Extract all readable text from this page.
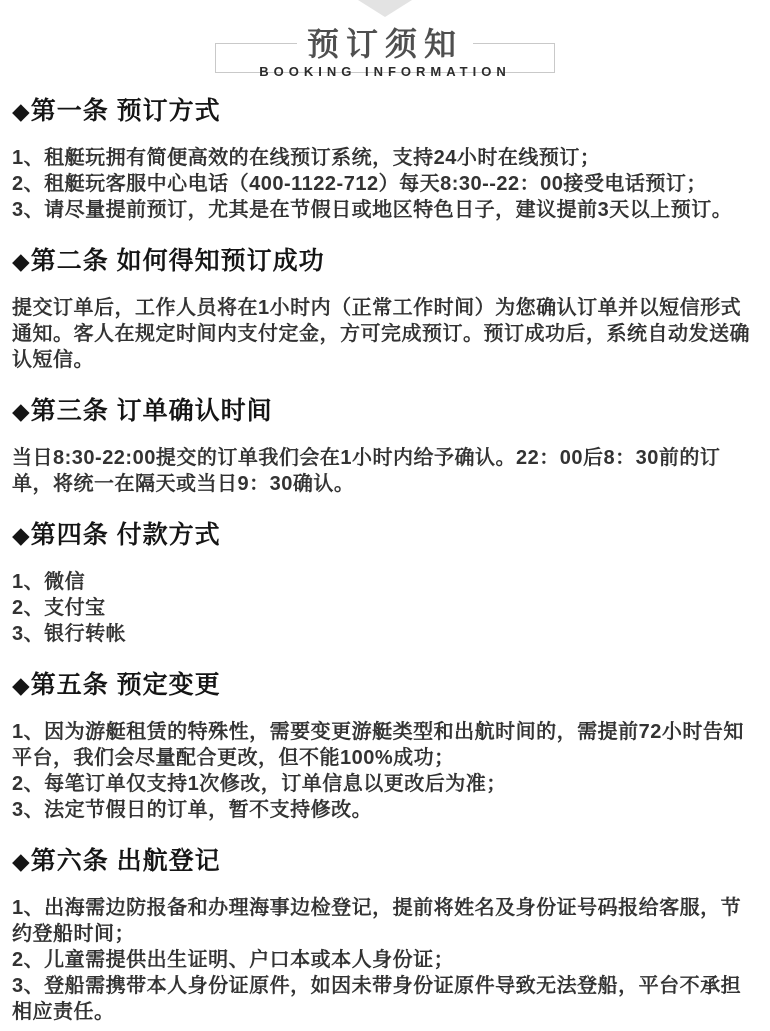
预订须知
BOOKING INFORMATION
◆第一条 预订方式
1、租艇玩拥有简便高效的在线预订系统，支持24小时在线预订；
2、租艇玩客服中心电话（400-1122-712）每天8:30--22：00接受电话预订；
3、请尽量提前预订，尤其是在节假日或地区特色日子，建议提前3天以上预订。
◆第二条 如何得知预订成功
提交订单后，工作人员将在1小时内（正常工作时间）为您确认订单并以短信形式通知。客人在规定时间内支付定金，方可完成预订。预订成功后，系统自动发送确认短信。
◆第三条 订单确认时间
当日8:30-22:00提交的订单我们会在1小时内给予确认。22：00后8：30前的订单，将统一在隔天或当日9：30确认。
◆第四条 付款方式
1、微信
2、支付宝
3、银行转帐
◆第五条 预定变更
1、因为游艇租赁的特殊性，需要变更游艇类型和出航时间的，需提前72小时告知平台，我们会尽量配合更改，但不能100%成功；
2、每笔订单仅支持1次修改，订单信息以更改后为准；
3、法定节假日的订单，暂不支持修改。
◆第六条 出航登记
1、出海需边防报备和办理海事边检登记，提前将姓名及身份证号码报给客服，节约登船时间；
2、儿童需提供出生证明、户口本或本人身份证；
3、登船需携带本人身份证原件，如因未带身份证原件导致无法登船，平台不承担相应责任。
